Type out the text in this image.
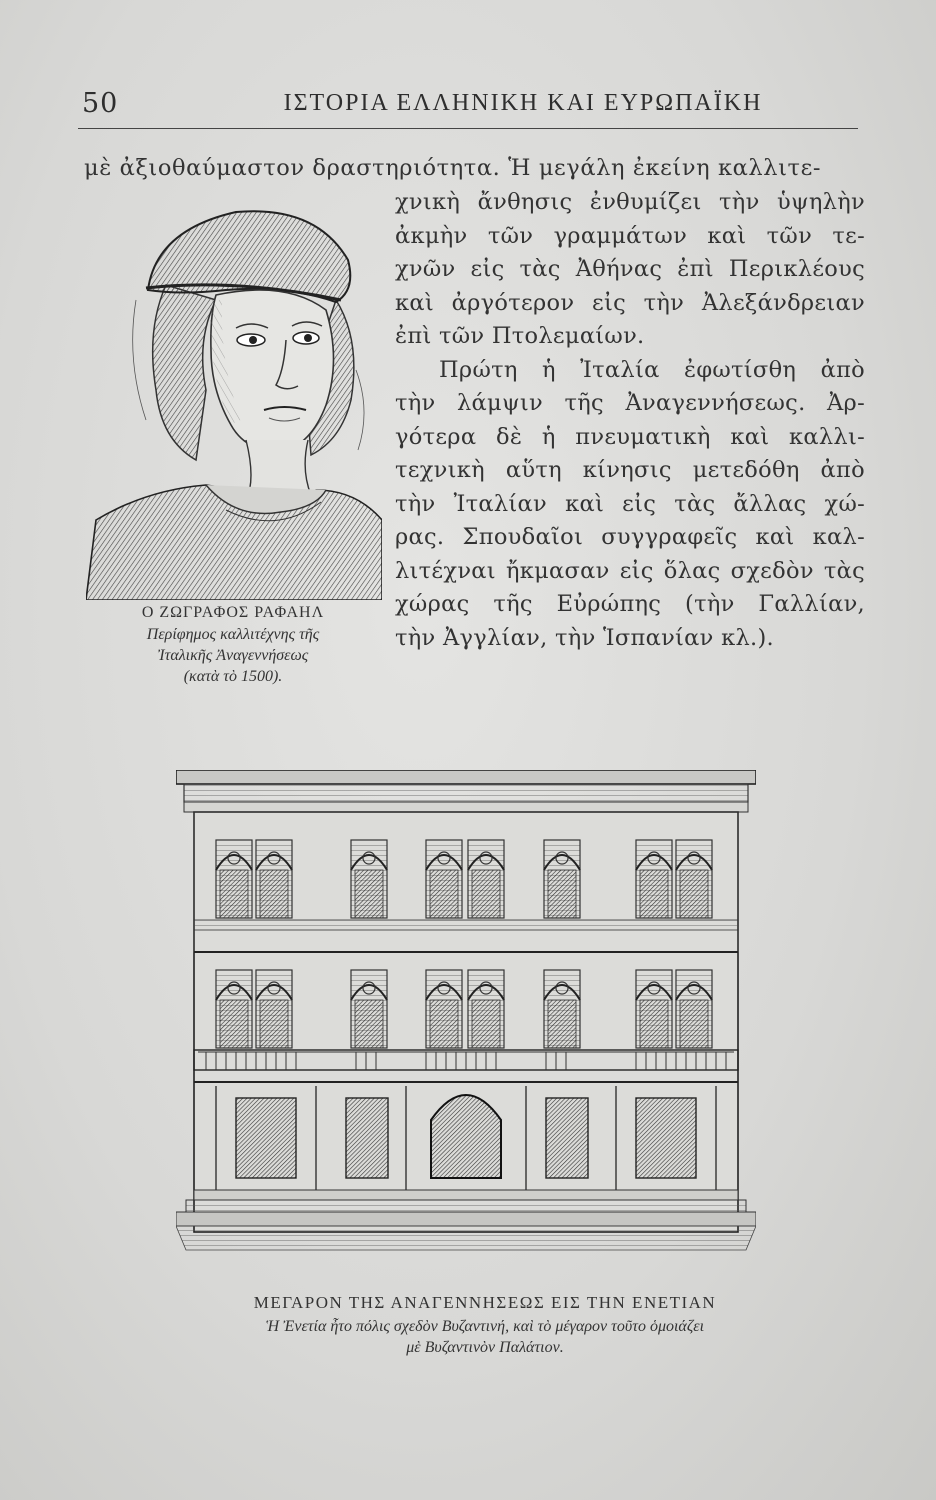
50	ΙΣΤΟΡΙΑ ΕΛΛΗΝΙΚΗ ΚΑΙ ΕΥΡΩΠΑΪΚΗ
μὲ ἀξιοθαύμαστον δραστηριότητα. Ἡ μεγάλη ἐκείνη καλλιτε-
χνικὴ ἄνθησις ἐνθυμίζει τὴν ὑψηλὴν
ἀκμὴν τῶν γραμμάτων καὶ τῶν τε-
χνῶν εἰς τὰς Ἀθήνας ἐπὶ Περικλέους
καὶ ἀργότερον εἰς τὴν Ἀλεξάνδρειαν
ἐπὶ τῶν Πτολεμαίων.
Πρώτη ἡ Ἰταλία ἐφωτίσθη ἀπὸ
τὴν λάμψιν τῆς Ἀναγεννήσεως. Ἀρ-
γότερα δὲ ἡ πνευματικὴ καὶ καλλι-
τεχνικὴ αὕτη κίνησις μετεδόθη ἀπὸ
τὴν Ἰταλίαν καὶ εἰς τὰς ἄλλας χώ-
ρας. Σπουδαῖοι συγγραφεῖς καὶ καλ-
λιτέχναι ἤκμασαν εἰς ὅλας σχεδὸν τὰς
χώρας τῆς Εὐρώπης (τὴν Γαλλίαν,
τὴν Ἀγγλίαν, τὴν Ἱσπανίαν κλ.).
Ο ΖΩΓΡΑΦΟΣ ΡΑΦΑΗΛ
Περίφημος καλλιτέχνης τῆς
Ἰταλικῆς Ἀναγεννήσεως
(κατὰ τὸ 1500).
ΜΕΓΑΡΟΝ ΤΗΣ ΑΝΑΓΕΝΝΗΣΕΩΣ ΕΙΣ ΤΗΝ ΕΝΕΤΙΑΝ
Ἡ Ἐνετία ἦτο πόλις σχεδὸν Βυζαντινή, καὶ τὸ μέγαρον τοῦτο ὁμοιάζει
μὲ Βυζαντινὸν Παλάτιον.
